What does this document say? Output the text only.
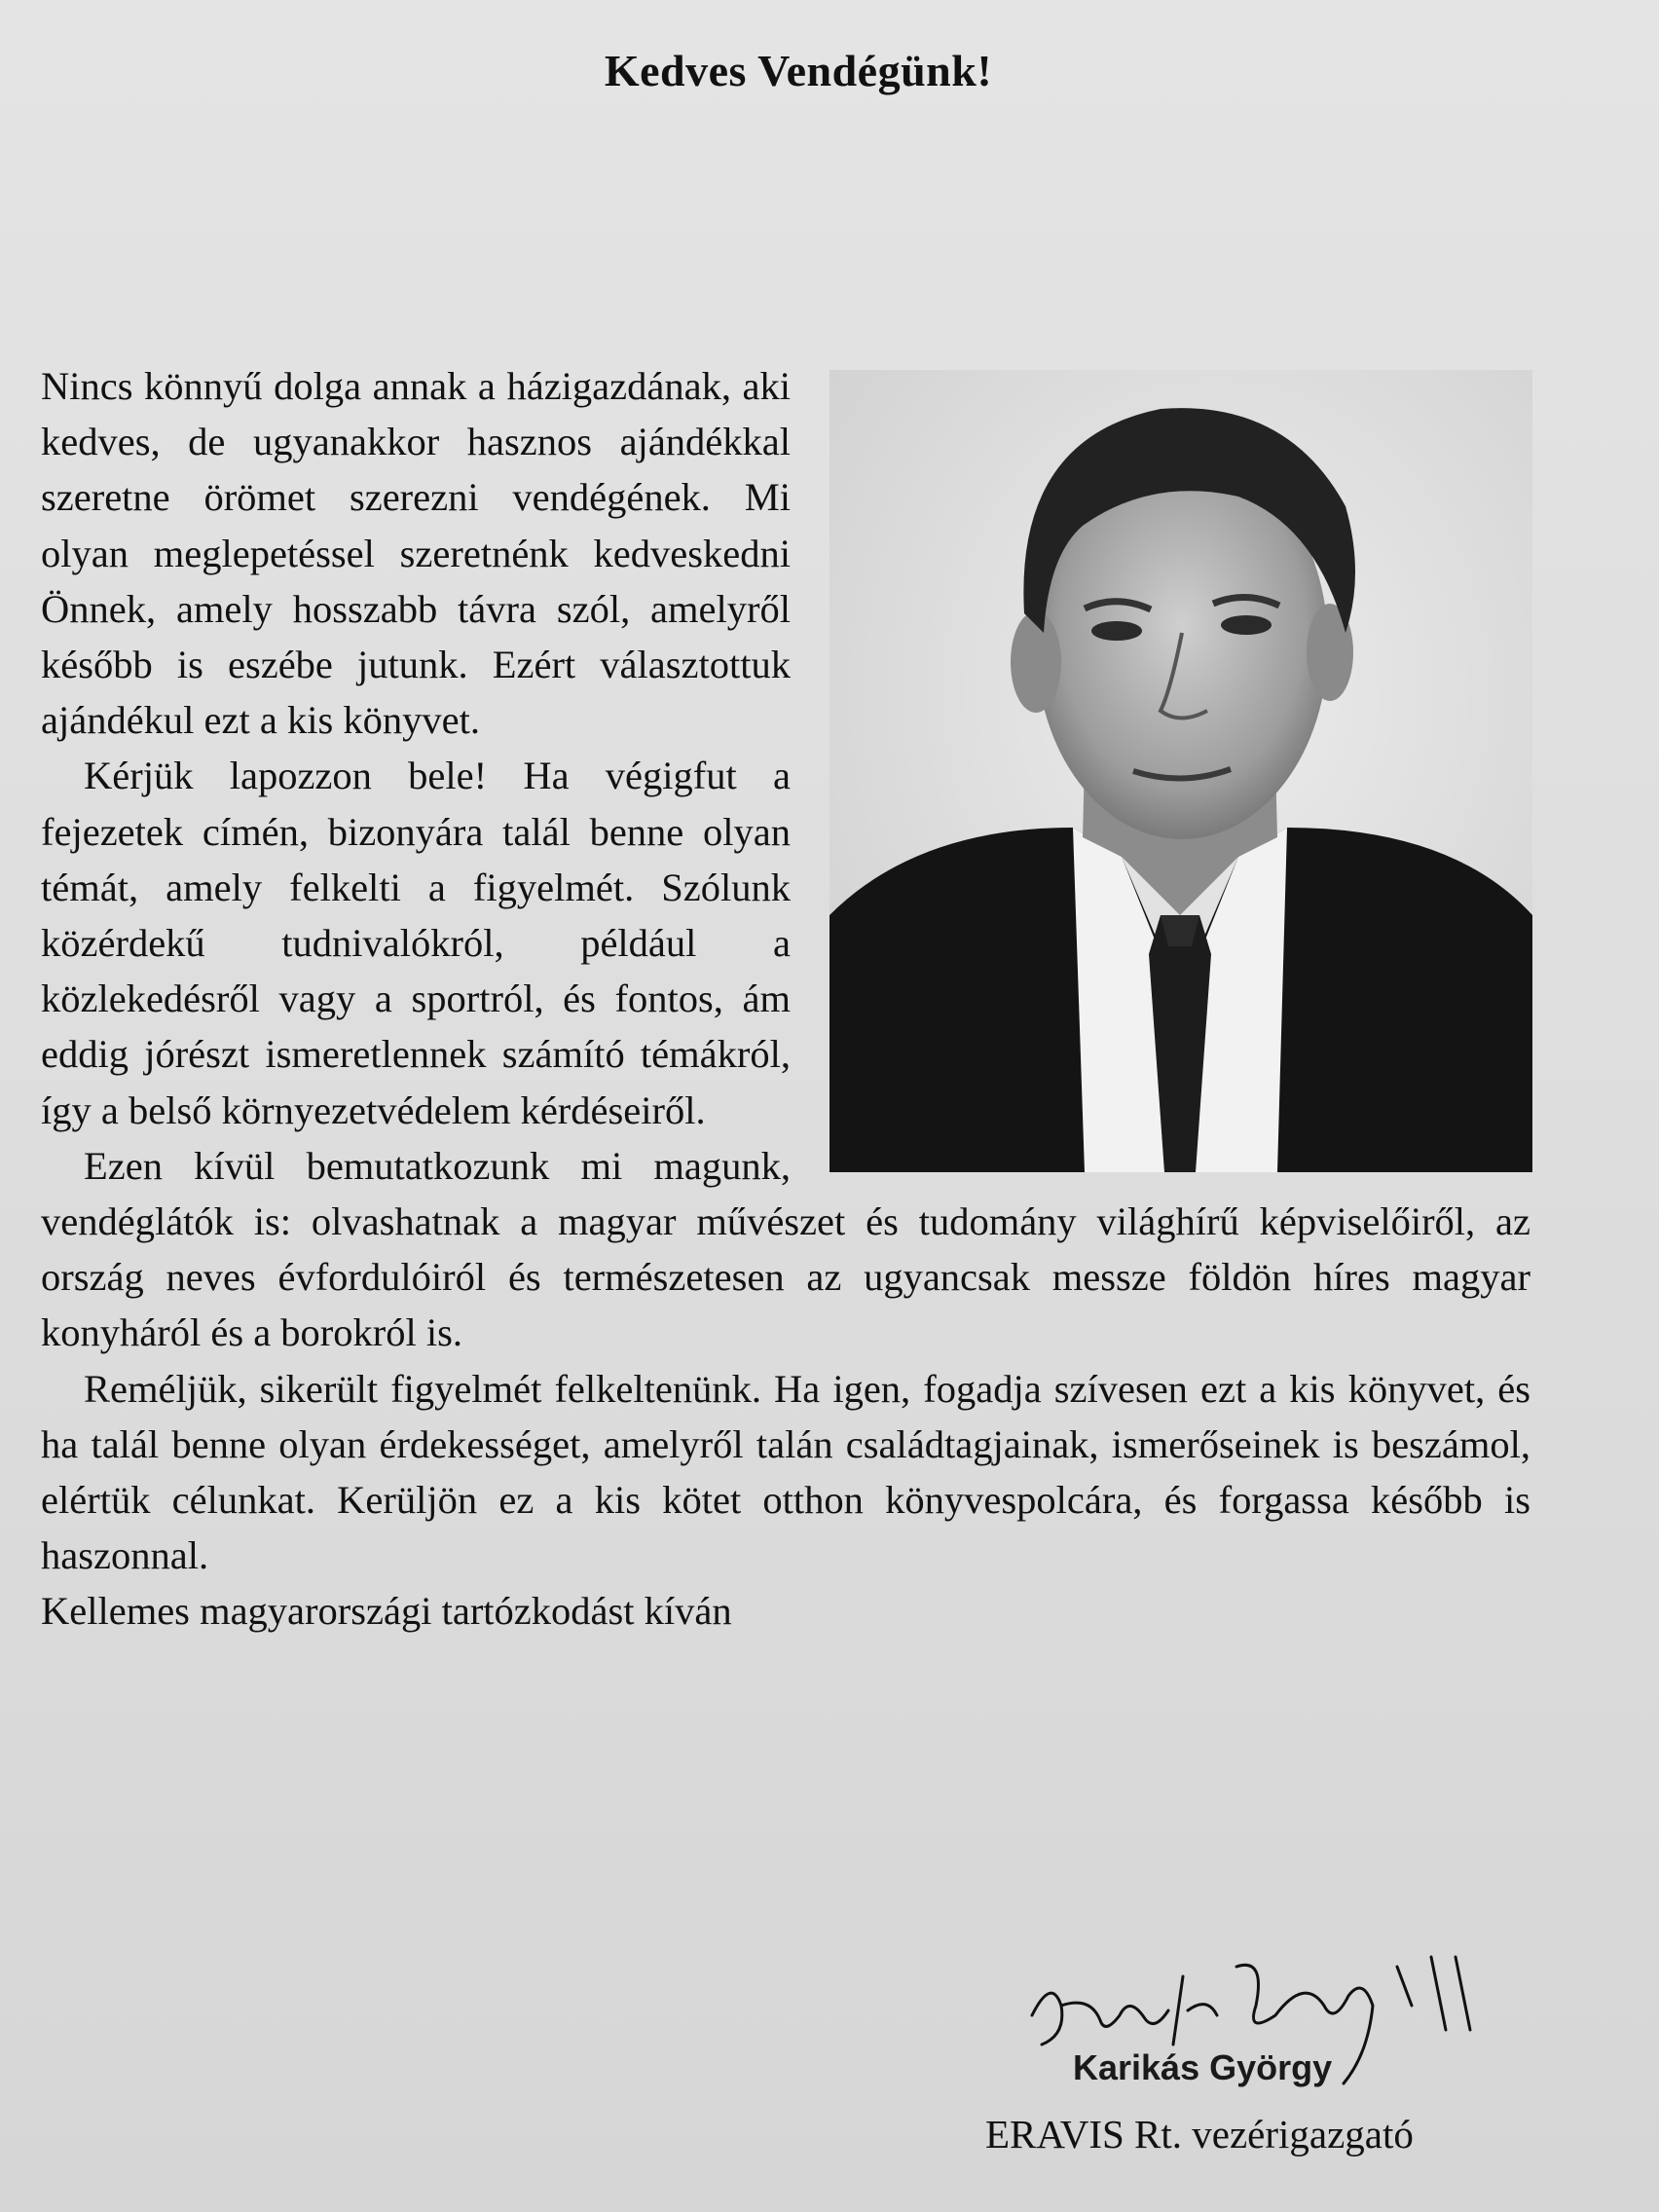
Kedves Vendégünk!

Nincs könnyű dolga annak a házigazdának, aki kedves, de ugyanakkor hasznos ajándékkal szeretne örömet szerezni vendégének. Mi olyan meglepetéssel szeretnénk kedveskedni Önnek, amely hosszabb távra szól, amelyről később is eszébe jutunk. Ezért választottuk ajándékul ezt a kis könyvet.

Kérjük lapozzon bele! Ha végigfut a fejezetek címén, bizonyára talál benne olyan témát, amely felkelti a figyelmét. Szólunk közérdekű tudnivalókról, például a közlekedésről vagy a sportról, és fontos, ám eddig jórészt ismeretlennek számító témákról, így a belső környezetvédelem kérdéseiről.

Ezen kívül bemutatkozunk mi magunk, vendéglátók is: olvashatnak a magyar művészet és tudomány világhírű képviselőiről, az ország neves évfordulóiról és természetesen az ugyancsak messze földön híres magyar konyháról és a borokról is.

Reméljük, sikerült figyelmét felkeltenünk. Ha igen, fogadja szívesen ezt a kis könyvet, és ha talál benne olyan érdekességet, amelyről talán családtagjainak, ismerőseinek is beszámol, elértük célunkat. Kerüljön ez a kis kötet otthon könyvespolcára, és forgassa később is haszonnal.

Kellemes magyarországi tartózkodást kíván

Karikás György
ERAVIS Rt. vezérigazgató
